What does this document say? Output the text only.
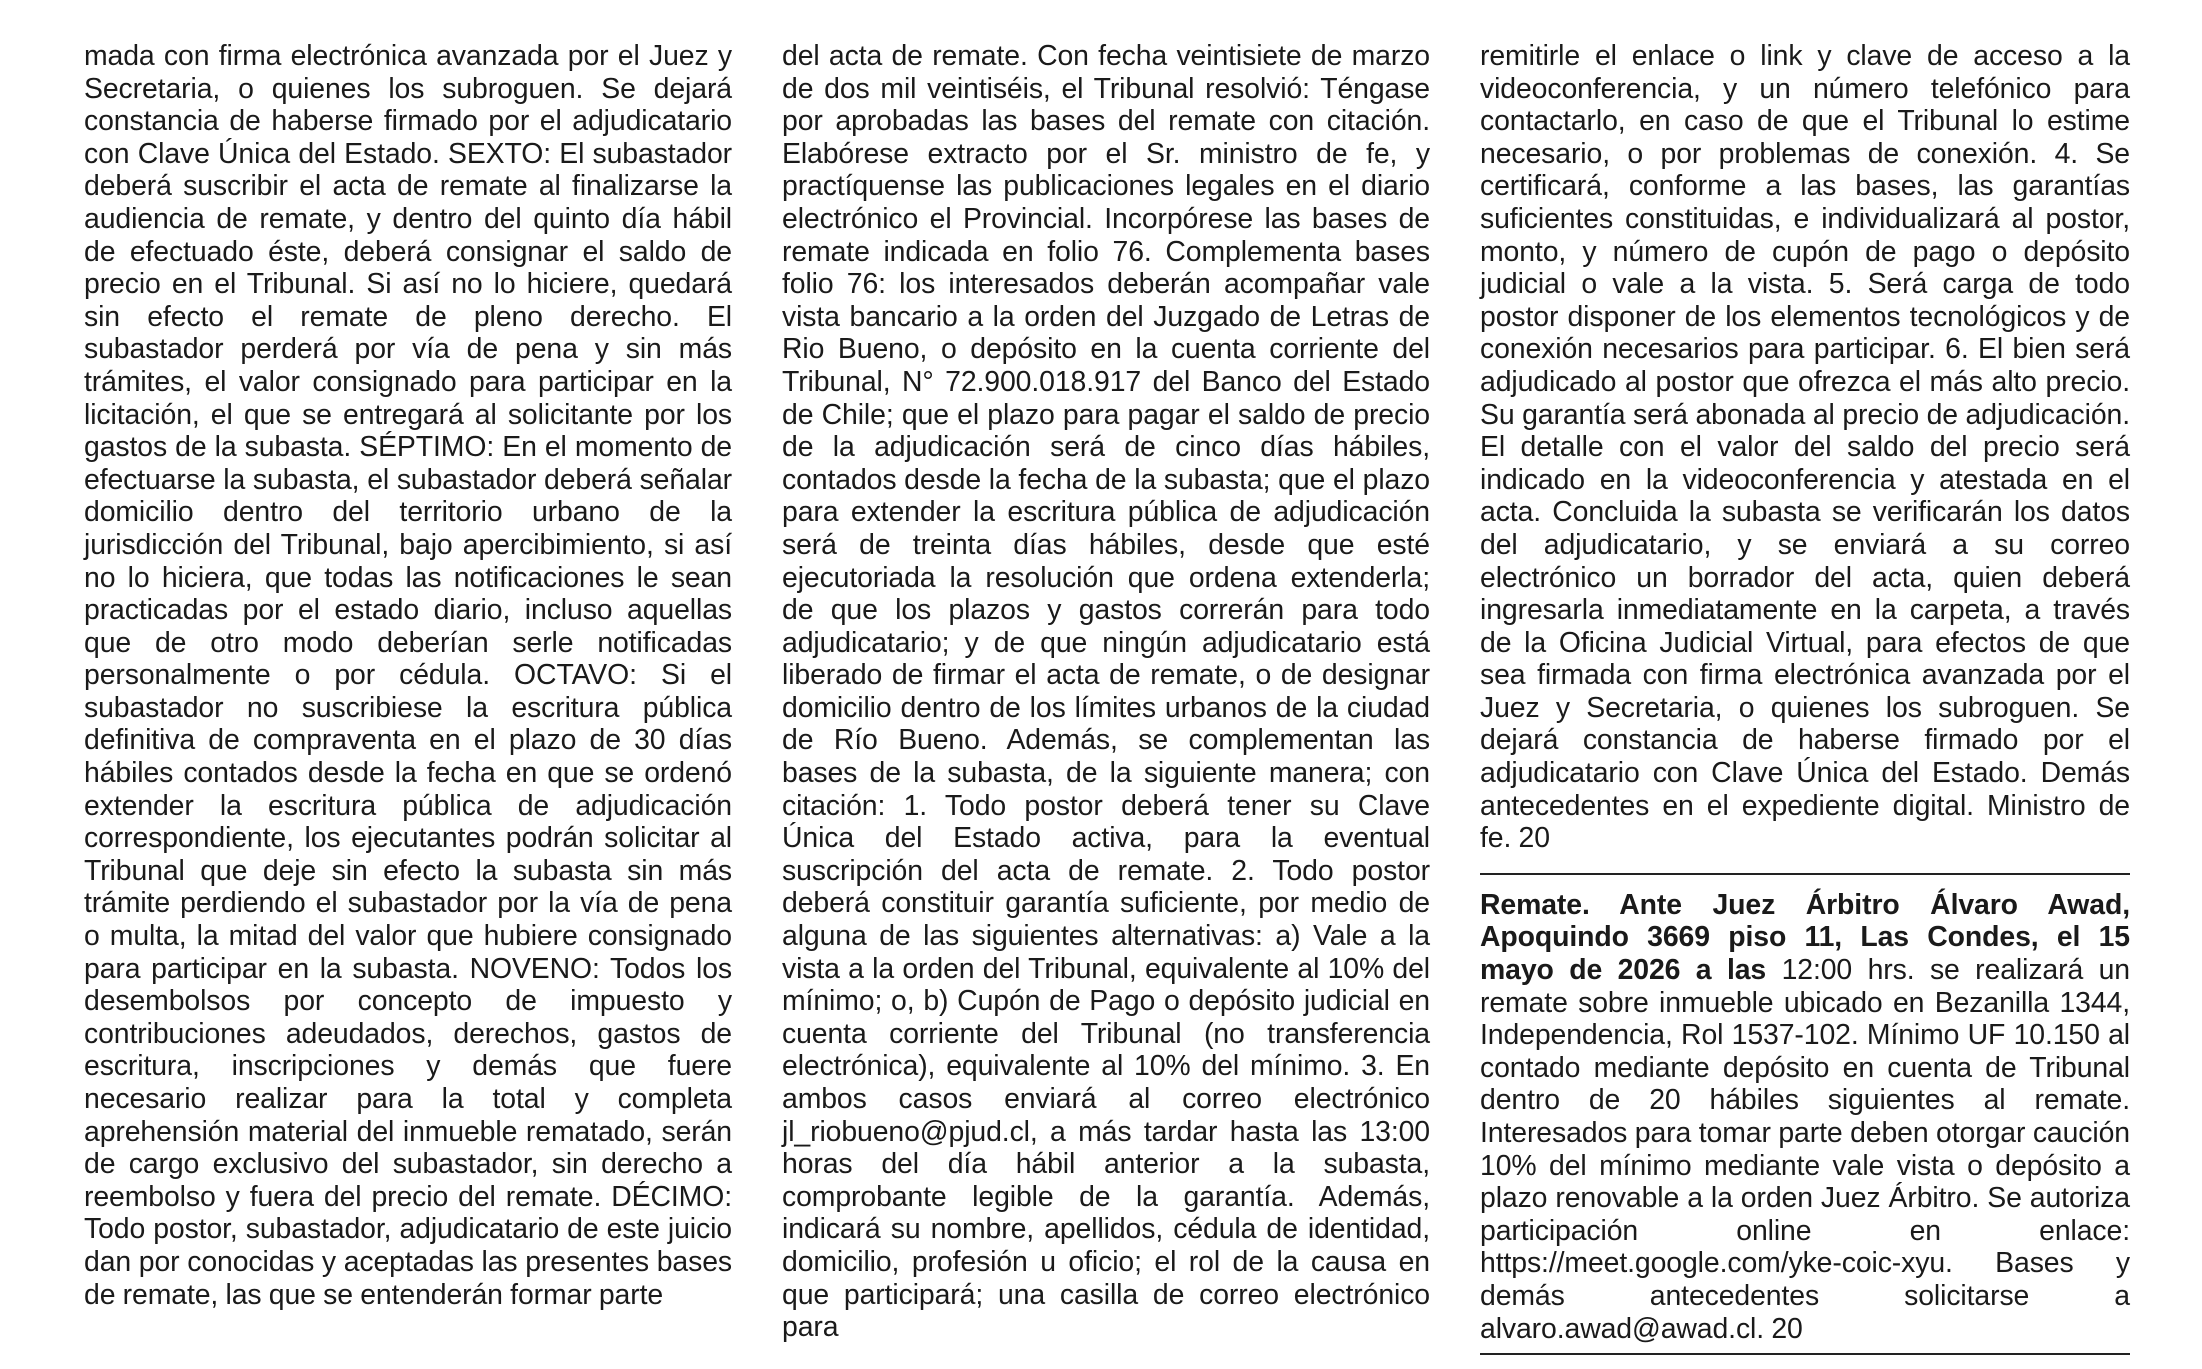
mada con firma electrónica avanzada por el Juez y Secretaria, o quienes los subroguen. Se dejará constancia de haberse firmado por el adjudicatario con Clave Única del Estado. SEXTO: El subastador deberá suscribir el acta de remate al finalizarse la audiencia de remate, y dentro del quinto día hábil de efectuado éste, deberá consignar el saldo de precio en el Tribunal. Si así no lo hiciere, quedará sin efecto el remate de pleno derecho. El subastador perderá por vía de pena y sin más trámites, el valor consignado para participar en la licitación, el que se entregará al solicitante por los gastos de la subasta. SÉPTIMO: En el momento de efectuarse la subasta, el subastador deberá señalar domicilio dentro del territorio urbano de la jurisdicción del Tribunal, bajo apercibimiento, si así no lo hiciera, que todas las notificaciones le sean practicadas por el estado diario, incluso aquellas que de otro modo deberían serle notificadas personalmente o por cédula. OCTAVO: Si el subastador no suscribiese la escritura pública definitiva de compraventa en el plazo de 30 días hábiles contados desde la fecha en que se ordenó extender la escritura pública de adjudicación correspondiente, los ejecutantes podrán solicitar al Tribunal que deje sin efecto la subasta sin más trámite perdiendo el subastador por la vía de pena o multa, la mitad del valor que hubiere consignado para participar en la subasta. NOVENO: Todos los desembolsos por concepto de impuesto y contribuciones adeudados, derechos, gastos de escritura, inscripciones y demás que fuere necesario realizar para la total y completa aprehensión material del inmueble rematado, serán de cargo exclusivo del subastador, sin derecho a reembolso y fuera del precio del remate. DÉCIMO: Todo postor, subastador, adjudicatario de este juicio dan por conocidas y aceptadas las presentes bases de remate, las que se entenderán formar parte

del acta de remate. Con fecha veintisiete de marzo de dos mil veintiséis, el Tribunal resolvió: Téngase por aprobadas las bases del remate con citación. Elabórese extracto por el Sr. ministro de fe, y practíquense las publicaciones legales en el diario electrónico el Provincial. Incorpórese las bases de remate indicada en folio 76. Complementa bases folio 76: los interesados deberán acompañar vale vista bancario a la orden del Juzgado de Letras de Rio Bueno, o depósito en la cuenta corriente del Tribunal, N° 72.900.018.917 del Banco del Estado de Chile; que el plazo para pagar el saldo de precio de la adjudicación será de cinco días hábiles, contados desde la fecha de la subasta; que el plazo para extender la escritura pública de adjudicación será de treinta días hábiles, desde que esté ejecutoriada la resolución que ordena extenderla; de que los plazos y gastos correrán para todo adjudicatario; y de que ningún adjudicatario está liberado de firmar el acta de remate, o de designar domicilio dentro de los límites urbanos de la ciudad de Río Bueno. Además, se complementan las bases de la subasta, de la siguiente manera; con citación: 1. Todo postor deberá tener su Clave Única del Estado activa, para la eventual suscripción del acta de remate. 2. Todo postor deberá constituir garantía suficiente, por medio de alguna de las siguientes alternativas: a) Vale a la vista a la orden del Tribunal, equivalente al 10% del mínimo; o, b) Cupón de Pago o depósito judicial en cuenta corriente del Tribunal (no transferencia electrónica), equivalente al 10% del mínimo. 3. En ambos casos enviará al correo electrónico jl_riobueno@pjud.cl, a más tardar hasta las 13:00 horas del día hábil anterior a la subasta, comprobante legible de la garantía. Además, indicará su nombre, apellidos, cédula de identidad, domicilio, profesión u oficio; el rol de la causa en que participará; una casilla de correo electrónico para

remitirle el enlace o link y clave de acceso a la videoconferencia, y un número telefónico para contactarlo, en caso de que el Tribunal lo estime necesario, o por problemas de conexión. 4. Se certificará, conforme a las bases, las garantías suficientes constituidas, e individualizará al postor, monto, y número de cupón de pago o depósito judicial o vale a la vista. 5. Será carga de todo postor disponer de los elementos tecnológicos y de conexión necesarios para participar. 6. El bien será adjudicado al postor que ofrezca el más alto precio. Su garantía será abonada al precio de adjudicación. El detalle con el valor del saldo del precio será indicado en la videoconferencia y atestada en el acta. Concluida la subasta se verificarán los datos del adjudicatario, y se enviará a su correo electrónico un borrador del acta, quien deberá ingresarla inmediatamente en la carpeta, a través de la Oficina Judicial Virtual, para efectos de que sea firmada con firma electrónica avanzada por el Juez y Secretaria, o quienes los subroguen. Se dejará constancia de haberse firmado por el adjudicatario con Clave Única del Estado. Demás antecedentes en el expediente digital. Ministro de fe. 20

Remate. Ante Juez Árbitro Álvaro Awad, Apoquindo 3669 piso 11, Las Condes, el 15 mayo de 2026 a las 12:00 hrs. se realizará un remate sobre inmueble ubicado en Bezanilla 1344, Independencia, Rol 1537-102. Mínimo UF 10.150 al contado mediante depósito en cuenta de Tribunal dentro de 20 hábiles siguientes al remate. Interesados para tomar parte deben otorgar caución 10% del mínimo mediante vale vista o depósito a plazo renovable a la orden Juez Árbitro. Se autoriza participación online en enlace: https://meet.google.com/yke-coic-xyu. Bases y demás antecedentes solicitarse a alvaro.awad@awad.cl. 20
